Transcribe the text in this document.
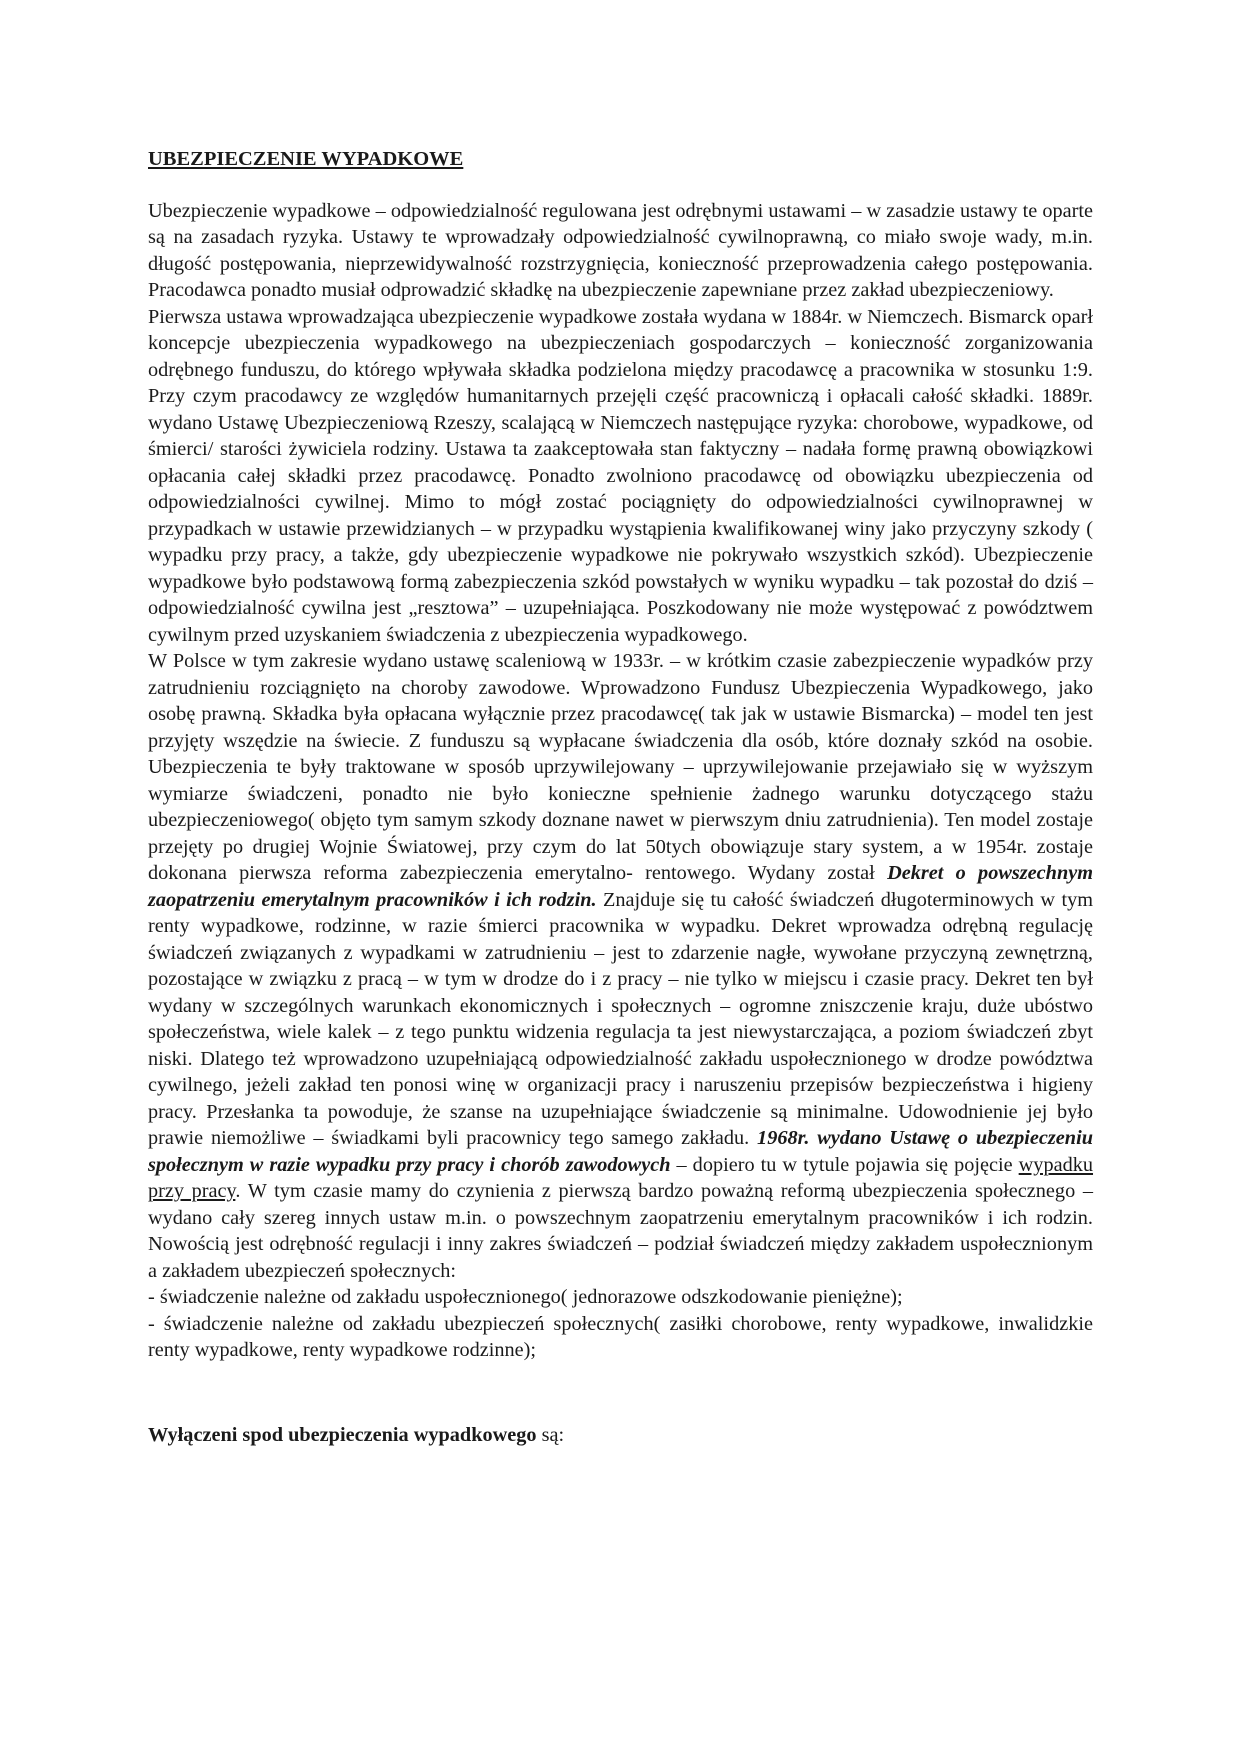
UBEZPIECZENIE WYPADKOWE

Ubezpieczenie wypadkowe – odpowiedzialność regulowana jest odrębnymi ustawami – w zasadzie ustawy te oparte są na zasadach ryzyka. Ustawy te wprowadzały odpowiedzialność cywilnoprawną, co miało swoje wady, m.in. długość postępowania, nieprzewidywalność rozstrzygnięcia, konieczność przeprowadzenia całego postępowania. Pracodawca ponadto musiał odprowadzić składkę na ubezpieczenie zapewniane przez zakład ubezpieczeniowy.

Pierwsza ustawa wprowadzająca ubezpieczenie wypadkowe została wydana w 1884r. w Niemczech. Bismarck oparł koncepcje ubezpieczenia wypadkowego na ubezpieczeniach gospodarczych – konieczność zorganizowania odrębnego funduszu, do którego wpływała składka podzielona między pracodawcę a pracownika w stosunku 1:9. Przy czym pracodawcy ze względów humanitarnych przejęli część pracowniczą i opłacali całość składki. 1889r. wydano Ustawę Ubezpieczeniową Rzeszy, scalającą w Niemczech następujące ryzyka: chorobowe, wypadkowe, od śmierci/ starości żywiciela rodziny. Ustawa ta zaakceptowała stan faktyczny – nadała formę prawną obowiązkowi opłacania całej składki przez pracodawcę. Ponadto zwolniono pracodawcę od obowiązku ubezpieczenia od odpowiedzialności cywilnej. Mimo to mógł zostać pociągnięty do odpowiedzialności cywilnoprawnej w przypadkach w ustawie przewidzianych – w przypadku wystąpienia kwalifikowanej winy jako przyczyny szkody ( wypadku przy pracy, a także, gdy ubezpieczenie wypadkowe nie pokrywało wszystkich szkód). Ubezpieczenie wypadkowe było podstawową formą zabezpieczenia szkód powstałych w wyniku wypadku – tak pozostał do dziś – odpowiedzialność cywilna jest „resztowa” – uzupełniająca. Poszkodowany nie może występować z powództwem cywilnym przed uzyskaniem świadczenia z ubezpieczenia wypadkowego.

W Polsce w tym zakresie wydano ustawę scaleniową w 1933r. – w krótkim czasie zabezpieczenie wypadków przy zatrudnieniu rozciągnięto na choroby zawodowe. Wprowadzono Fundusz Ubezpieczenia Wypadkowego, jako osobę prawną. Składka była opłacana wyłącznie przez pracodawcę( tak jak w ustawie Bismarcka) – model ten jest przyjęty wszędzie na świecie. Z funduszu są wypłacane świadczenia dla osób, które doznały szkód na osobie. Ubezpieczenia te były traktowane w sposób uprzywilejowany – uprzywilejowanie przejawiało się w wyższym wymiarze świadczeni, ponadto nie było konieczne spełnienie żadnego warunku dotyczącego stażu ubezpieczeniowego( objęto tym samym szkody doznane nawet w pierwszym dniu zatrudnienia). Ten model zostaje przejęty po drugiej Wojnie Światowej, przy czym do lat 50tych obowiązuje stary system, a w 1954r. zostaje dokonana pierwsza reforma zabezpieczenia emerytalno- rentowego. Wydany został Dekret o powszechnym zaopatrzeniu emerytalnym pracowników i ich rodzin. Znajduje się tu całość świadczeń długoterminowych w tym renty wypadkowe, rodzinne, w razie śmierci pracownika w wypadku. Dekret wprowadza odrębną regulację świadczeń związanych z wypadkami w zatrudnieniu – jest to zdarzenie nagłe, wywołane przyczyną zewnętrzną, pozostające w związku z pracą – w tym w drodze do i z pracy – nie tylko w miejscu i czasie pracy. Dekret ten był wydany w szczególnych warunkach ekonomicznych i społecznych – ogromne zniszczenie kraju, duże ubóstwo społeczeństwa, wiele kalek – z tego punktu widzenia regulacja ta jest niewystarczająca, a poziom świadczeń zbyt niski. Dlatego też wprowadzono uzupełniającą odpowiedzialność zakładu uspołecznionego w drodze powództwa cywilnego, jeżeli zakład ten ponosi winę w organizacji pracy i naruszeniu przepisów bezpieczeństwa i higieny pracy. Przesłanka ta powoduje, że szanse na uzupełniające świadczenie są minimalne. Udowodnienie jej było prawie niemożliwe – świadkami byli pracownicy tego samego zakładu. 1968r. wydano Ustawę o ubezpieczeniu społecznym w razie wypadku przy pracy i chorób zawodowych – dopiero tu w tytule pojawia się pojęcie wypadku przy pracy. W tym czasie mamy do czynienia z pierwszą bardzo poważną reformą ubezpieczenia społecznego – wydano cały szereg innych ustaw m.in. o powszechnym zaopatrzeniu emerytalnym pracowników i ich rodzin. Nowością jest odrębność regulacji i inny zakres świadczeń – podział świadczeń między zakładem uspołecznionym a zakładem ubezpieczeń społecznych:

- świadczenie należne od zakładu uspołecznionego( jednorazowe odszkodowanie pieniężne);

- świadczenie należne od zakładu ubezpieczeń społecznych( zasiłki chorobowe, renty wypadkowe, inwalidzkie renty wypadkowe, renty wypadkowe rodzinne);

Wyłączeni spod ubezpieczenia wypadkowego są:
